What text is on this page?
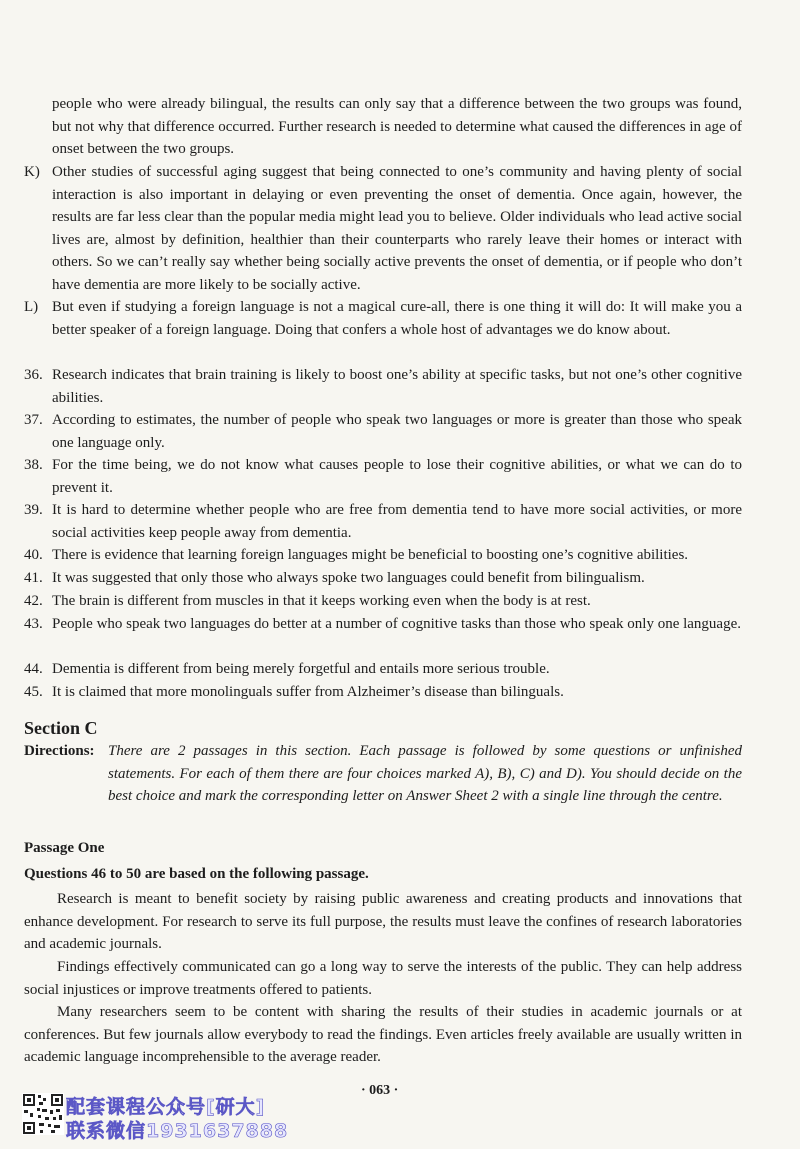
people who were already bilingual, the results can only say that a difference between the two groups was found, but not why that difference occurred. Further research is needed to determine what caused the differences in age of onset between the two groups.

K) Other studies of successful aging suggest that being connected to one’s community and having plenty of social interaction is also important in delaying or even preventing the onset of dementia. Once again, however, the results are far less clear than the popular media might lead you to believe. Older individuals who lead active social lives are, almost by definition, healthier than their counterparts who rarely leave their homes or interact with others. So we can’t really say whether being socially active prevents the onset of dementia, or if people who don’t have dementia are more likely to be socially active.
L) But even if studying a foreign language is not a magical cure-all, there is one thing it will do: It will make you a better speaker of a foreign language. Doing that confers a whole host of advantages we do know about.
36. Research indicates that brain training is likely to boost one’s ability at specific tasks, but not one’s other cognitive abilities.
37. According to estimates, the number of people who speak two languages or more is greater than those who speak one language only.
38. For the time being, we do not know what causes people to lose their cognitive abilities, or what we can do to prevent it.
39. It is hard to determine whether people who are free from dementia tend to have more social activities, or more social activities keep people away from dementia.
40. There is evidence that learning foreign languages might be beneficial to boosting one’s cognitive abilities.
41. It was suggested that only those who always spoke two languages could benefit from bilingualism.
42. The brain is different from muscles in that it keeps working even when the body is at rest.
43. People who speak two languages do better at a number of cognitive tasks than those who speak only one language.
44. Dementia is different from being merely forgetful and entails more serious trouble.
45. It is claimed that more monolinguals suffer from Alzheimer’s disease than bilinguals.
Section C
Directions: There are 2 passages in this section. Each passage is followed by some questions or unfinished statements. For each of them there are four choices marked A), B), C) and D). You should decide on the best choice and mark the corresponding letter on Answer Sheet 2 with a single line through the centre.
Passage One
Questions 46 to 50 are based on the following passage.

Research is meant to benefit society by raising public awareness and creating products and innovations that enhance development. For research to serve its full purpose, the results must leave the confines of research laboratories and academic journals.

Findings effectively communicated can go a long way to serve the interests of the public. They can help address social injustices or improve treatments offered to patients.

Many researchers seem to be content with sharing the results of their studies in academic journals or at conferences. But few journals allow everybody to read the findings. Even articles freely available are usually written in academic language incomprehensible to the average reader.

· 063 ·
配套课程公众号[研大]
联系微信1931637888
